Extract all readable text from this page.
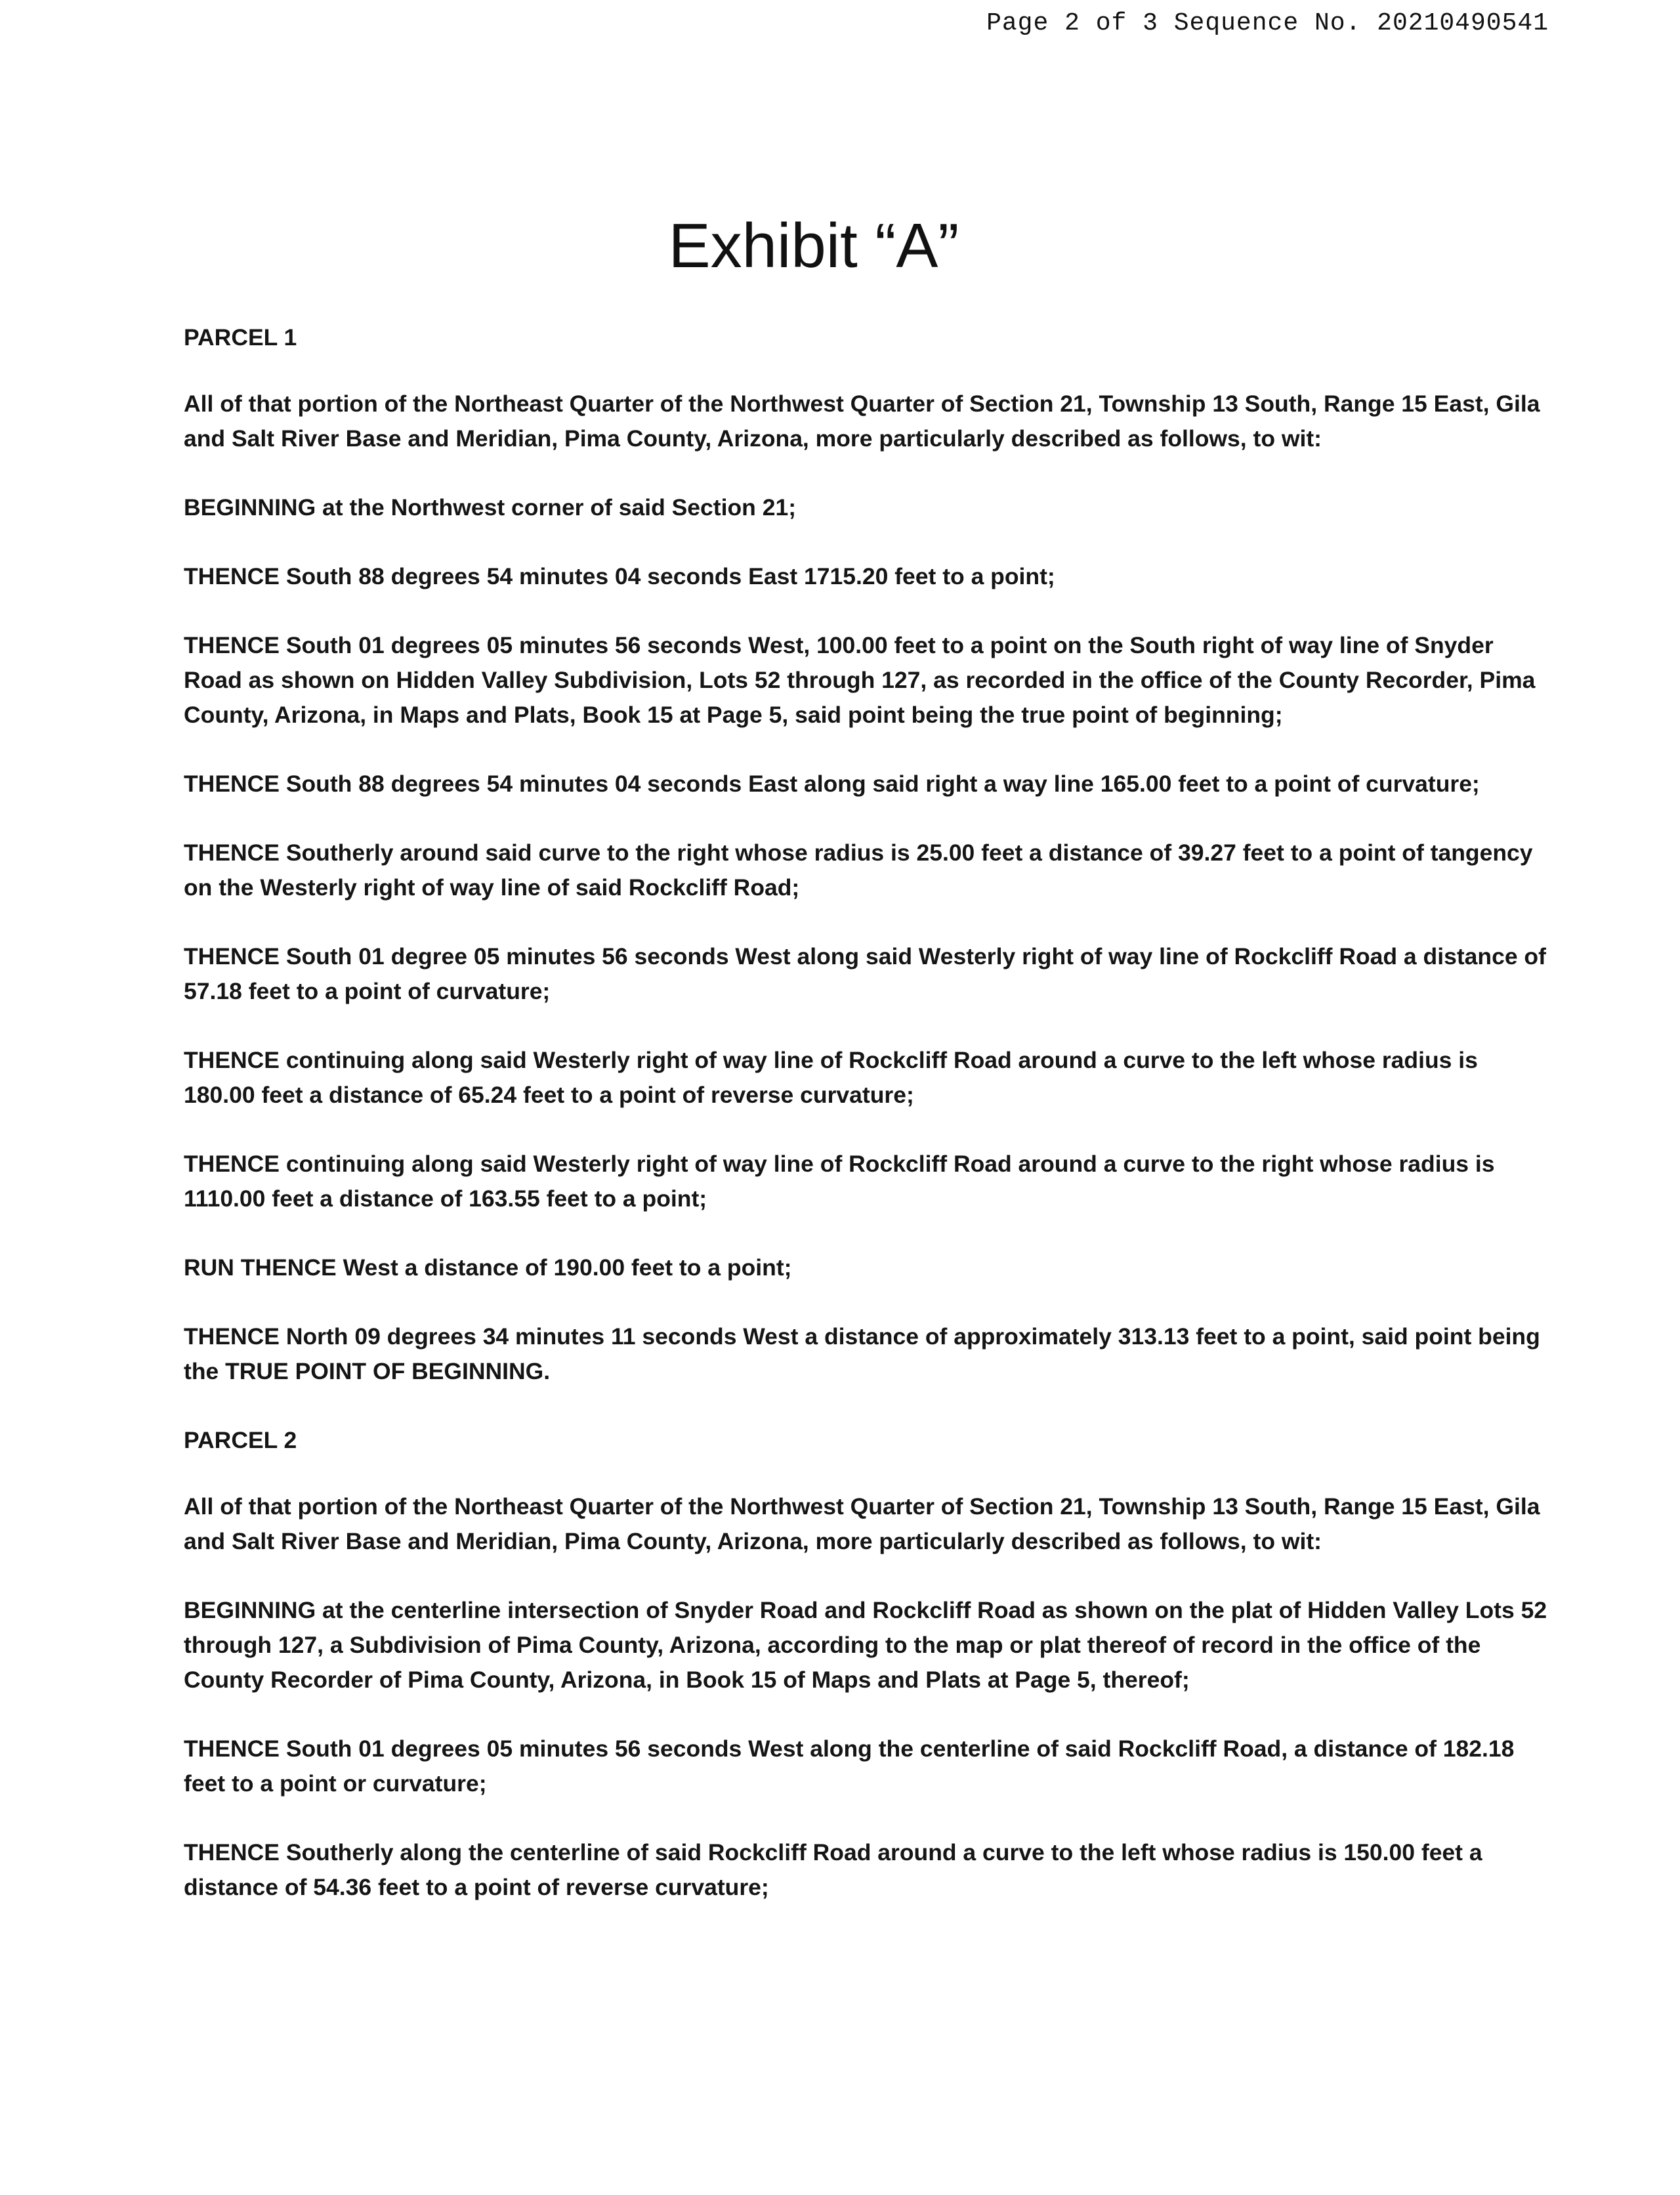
Page 2 of 3 Sequence No. 20210490541
Exhibit “A”
PARCEL 1

All of that portion of the Northeast Quarter of the Northwest Quarter of Section 21, Township 13 South, Range 15 East, Gila and Salt River Base and Meridian, Pima County, Arizona, more particularly described as follows, to wit:

BEGINNING at the Northwest corner of said Section 21;

THENCE South 88 degrees 54 minutes 04 seconds East 1715.20 feet to a point;

THENCE South 01 degrees 05 minutes 56 seconds West, 100.00 feet to a point on the South right of way line of Snyder Road as shown on Hidden Valley Subdivision, Lots 52 through 127, as recorded in the office of the County Recorder, Pima County, Arizona, in Maps and Plats, Book 15 at Page 5, said point being the true point of beginning;

THENCE South 88 degrees 54 minutes 04 seconds East along said right a way line 165.00 feet to a point of curvature;

THENCE Southerly around said curve to the right whose radius is 25.00 feet a distance of 39.27 feet to a point of tangency on the Westerly right of way line of said Rockcliff Road;

THENCE South 01 degree 05 minutes 56 seconds West along said Westerly right of way line of Rockcliff Road a distance of 57.18 feet to a point of curvature;

THENCE continuing along said Westerly right of way line of Rockcliff Road around a curve to the left whose radius is 180.00 feet a distance of 65.24 feet to a point of reverse curvature;

THENCE continuing along said Westerly right of way line of Rockcliff Road around a curve to the right whose radius is 1110.00 feet a distance of 163.55 feet to a point;

RUN THENCE West a distance of 190.00 feet to a point;

THENCE North 09 degrees 34 minutes 11 seconds West a distance of approximately 313.13 feet to a point, said point being the TRUE POINT OF BEGINNING.

PARCEL 2

All of that portion of the Northeast Quarter of the Northwest Quarter of Section 21, Township 13 South, Range 15 East, Gila and Salt River Base and Meridian, Pima County, Arizona, more particularly described as follows, to wit:

BEGINNING at the centerline intersection of Snyder Road and Rockcliff Road as shown on the plat of Hidden Valley Lots 52 through 127, a Subdivision of Pima County, Arizona, according to the map or plat thereof of record in the office of the County Recorder of Pima County, Arizona, in Book 15 of Maps and Plats at Page 5, thereof;

THENCE South 01 degrees 05 minutes 56 seconds West along the centerline of said Rockcliff Road, a distance of 182.18 feet to a point or curvature;

THENCE Southerly along the centerline of said Rockcliff Road around a curve to the left whose radius is 150.00 feet a distance of 54.36 feet to a point of reverse curvature;
